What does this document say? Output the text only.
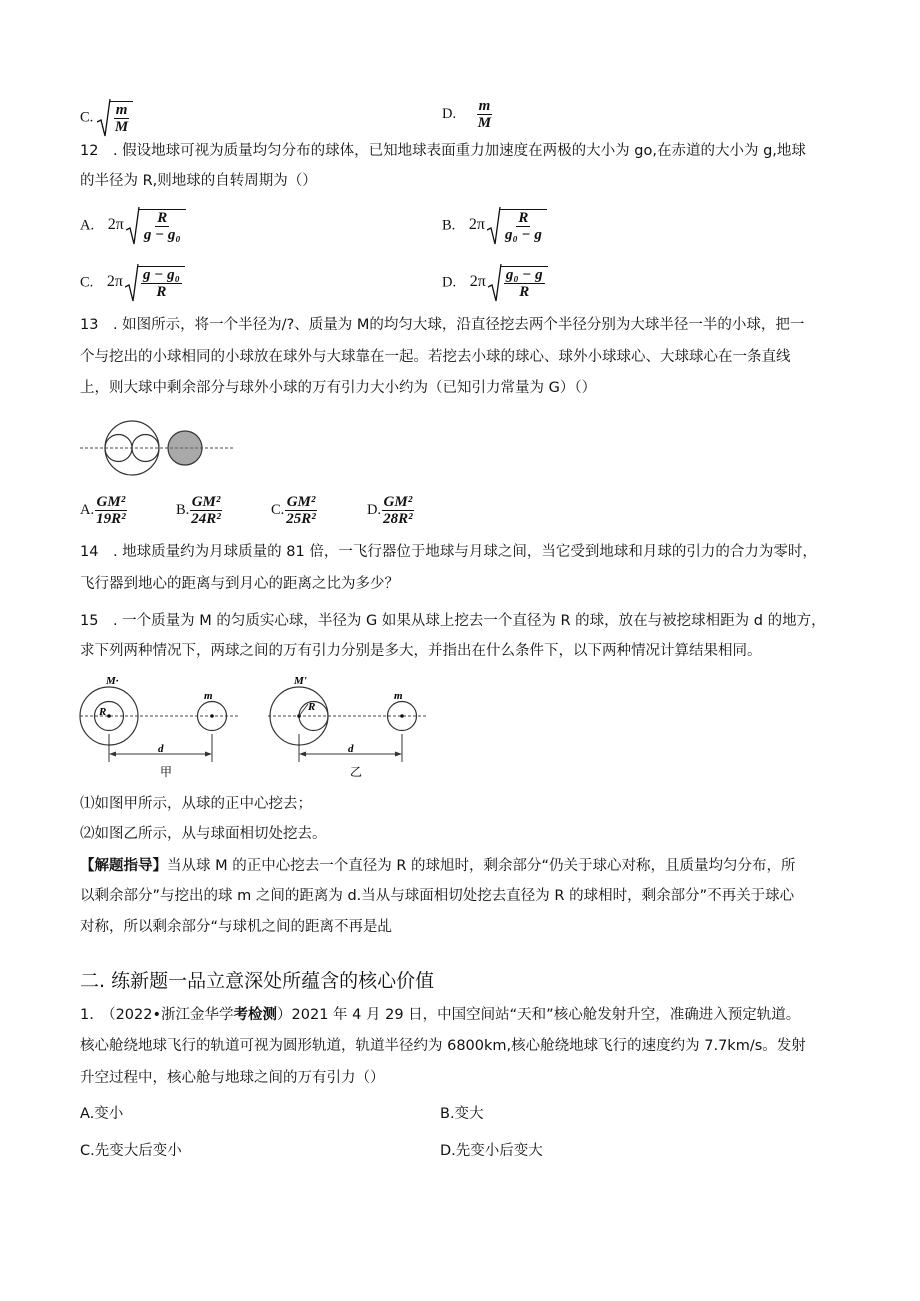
C. $\frac{m}{M}$	D. $\frac{m}{M}$
12　. 假设地球可视为质量均匀分布的球体，已知地球表面重力加速度在两极的大小为 go,在赤道的大小为 g,地球
的半径为 R,则地球的自转周期为（）
A. $2\pi \frac{R}{\text{g − g₀}}$	B. $2\pi \frac{R}{\text{g₀ − g}}$
C. $2\pi \frac{\text{g − g₀}}{R}$	D. $2\pi \frac{\text{g₀ − g}}{R}$
13　. 如图所示，将一个半径为/?、质量为 M的均匀大球，沿直径挖去两个半径分别为大球半径一半的小球，把一
个与挖出的小球相同的小球放在球外与大球靠在一起。若挖去小球的球心、球外小球球心、大球球心在一条直线
上，则大球中剩余部分与球外小球的万有引力大小约为（已知引力常量为 G）（）
A. $\frac{\text{GM²}}{\text{19R²}}$	B. $\frac{\text{GM²}}{\text{24R²}}$	C. $\frac{\text{GM²}}{\text{25R²}}$	D. $\frac{\text{GM²}}{\text{28R²}}$
14　. 地球质量约为月球质量的 81 倍，一飞行器位于地球与月球之间，当它受到地球和月球的引力的合力为零时，
飞行器到地心的距离与到月心的距离之比为多少？
15　. 一个质量为 M 的匀质实心球，半径为 G 如果从球上挖去一个直径为 R 的球，放在与被挖球相距为 d 的地方，
求下列两种情况下，两球之间的万有引力分别是多大，并指出在什么条件下，以下两种情况计算结果相同。
M·
R
m
d
甲
M'
R
m
d
乙
⑴如图甲所示，从球的正中心挖去；
⑵如图乙所示，从与球面相切处挖去。
【解题指导】当从球 M 的正中心挖去一个直径为 R 的球旭时，剩余部分“仍关于球心对称，且质量均匀分布，所
以剩余部分”与挖出的球 m 之间的距离为 d.当从与球面相切处挖去直径为 R 的球相时，剩余部分”不再关于球心
对称，所以剩余部分“与球机之间的距离不再是乩
二. 练新题一品立意深处所蕴含的核心价值
1.　（2022•浙江金华学考检测）2021 年 4 月 29 日，中国空间站“天和”核心舱发射升空，准确进入预定轨道。
核心舱绕地球飞行的轨道可视为圆形轨道，轨道半径约为 6800km,核心舱绕地球飞行的速度约为 7.7km/s。发射
升空过程中，核心舱与地球之间的万有引力（）
A.变小	B.变大
C.先变大后变小	D.先变小后变大
